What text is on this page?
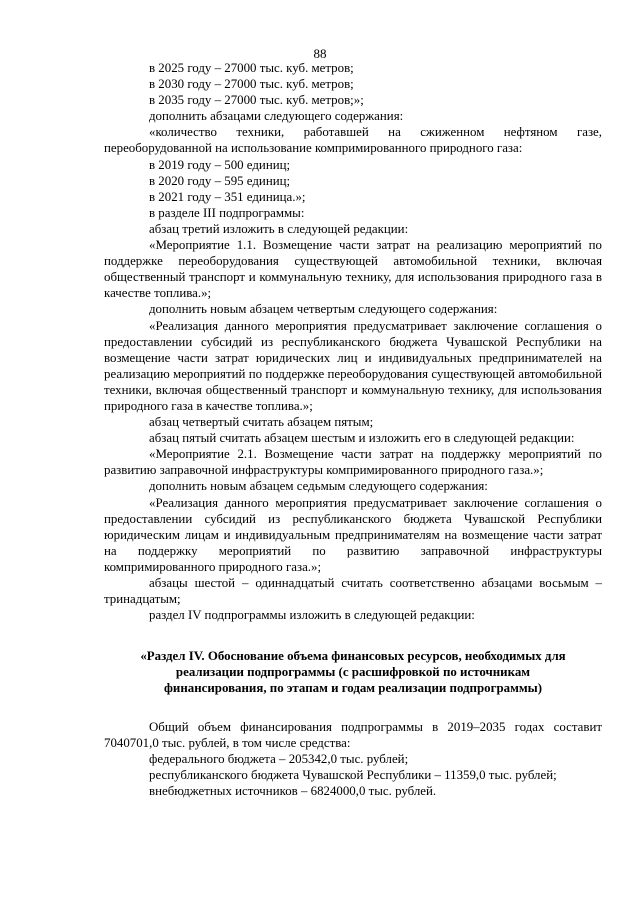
88

в 2025 году – 27000 тыс. куб. метров;

в 2030 году – 27000 тыс. куб. метров;

в 2035 году – 27000 тыс. куб. метров;»;

дополнить абзацами следующего содержания:

«количество техники, работавшей на сжиженном нефтяном газе, переоборудованной на использование компримированного природного газа:

в 2019 году – 500 единиц;

в 2020 году – 595 единиц;

в 2021 году – 351 единица.»;

в разделе III подпрограммы:

абзац третий изложить в следующей редакции:

«Мероприятие 1.1. Возмещение части затрат на реализацию мероприятий по поддержке переоборудования существующей автомобильной техники, включая общественный транспорт и коммунальную технику, для использования природного газа в качестве топлива.»;

дополнить новым абзацем четвертым следующего содержания:

«Реализация данного мероприятия предусматривает заключение соглашения о предоставлении субсидий из республиканского бюджета Чувашской Республики на возмещение части затрат юридических лиц и индивидуальных предпринимателей на реализацию мероприятий по поддержке переоборудования существующей автомобильной техники, включая общественный транспорт и коммунальную технику, для использования природного газа в качестве топлива.»;

абзац четвертый считать абзацем пятым;

абзац пятый считать абзацем шестым и изложить его в следующей редакции:

«Мероприятие 2.1. Возмещение части затрат на поддержку мероприятий по развитию заправочной инфраструктуры компримированного природного газа.»;

дополнить новым абзацем седьмым следующего содержания:

«Реализация данного мероприятия предусматривает заключение соглашения о предоставлении субсидий из республиканского бюджета Чувашской Республики юридическим лицам и индивидуальным предпринимателям на возмещение части затрат на поддержку мероприятий по развитию заправочной инфраструктуры компримированного природного газа.»;

абзацы шестой – одиннадцатый считать соответственно абзацами восьмым – тринадцатым;

раздел IV подпрограммы изложить в следующей редакции:

«Раздел IV. Обоснование объема финансовых ресурсов, необходимых для реализации подпрограммы (с расшифровкой по источникам финансирования, по этапам и годам реализации подпрограммы)

Общий объем финансирования подпрограммы в 2019–2035 годах составит 7040701,0 тыс. рублей, в том числе средства:

федерального бюджета – 205342,0 тыс. рублей;

республиканского бюджета Чувашской Республики – 11359,0 тыс. рублей;

внебюджетных источников – 6824000,0 тыс. рублей.
